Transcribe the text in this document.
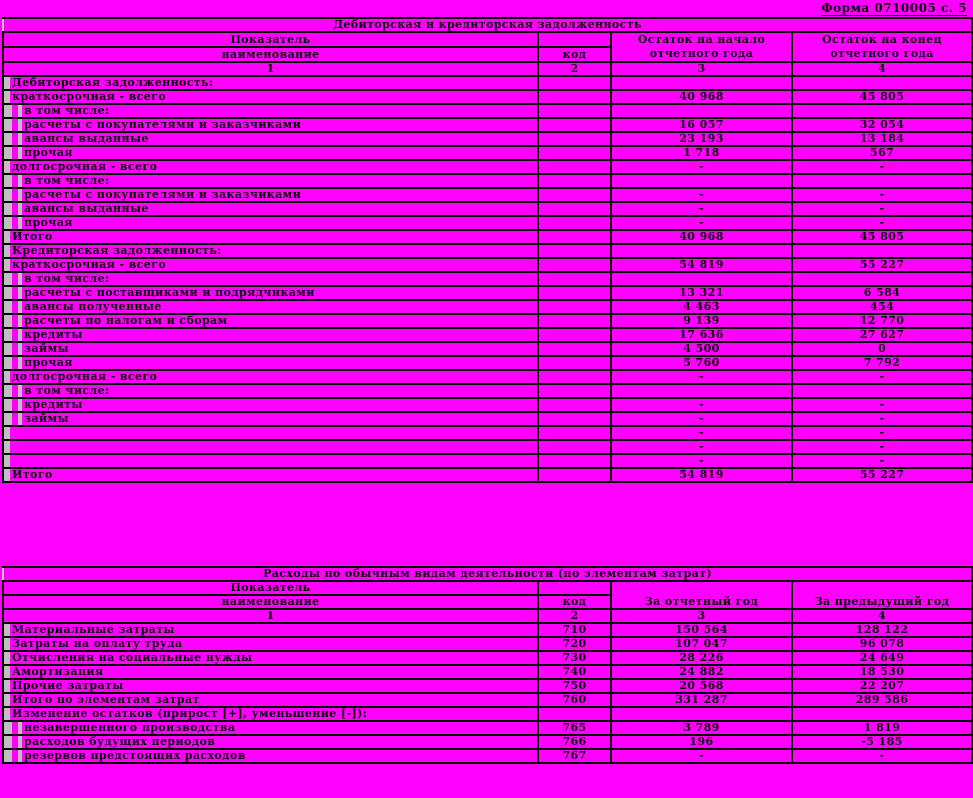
Форма 0710005 с. 5
Дебиторская и кредиторская задолженность			
Показатель		Остаток на начало отчетного года	Остаток на конец отчетного года
наименование	код		
1	2	3	4
Дебиторская задолженность:			
краткосрочная - всего		40 968	45 805
в том числе:			
расчеты с покупателями и заказчиками		16 057	32 054
авансы выданные		23 193	13 184
прочая		1 718	567
долгосрочная - всего		-	-
в том числе:			
расчеты с покупателями и заказчиками		-	-
авансы выданные		-	-
прочая		-	-
Итого		40 968	45 805
Кредиторская задолженность:			
краткосрочная - всего		54 819	55 227
в том числе:			
расчеты с поставщиками и подрядчиками		13 321	6 584
авансы полученные		4 463	454
расчеты по налогам и сборам		9 139	12 770
кредиты		17 636	27 627
займы		4 500	0
прочая		5 760	7 792
долгосрочная - всего		-	-
в том числе:			
кредиты		-	-
займы		-	-
		-	-
		-	-
		-	-
Итого		54 819	55 227
Расходы по обычным видам деятельности (по элементам затрат)			
Показатель		За отчетный год	За предыдущий год
наименование	код		
1	2	3	4
Материальные затраты	710	150 564	128 122
Затраты на оплату труда	720	107 047	96 078
Отчисления на социальные нужды	730	28 226	24 649
Амортизация	740	24 882	18 530
Прочие затраты	750	20 568	22 207
Итого по элементам затрат	760	331 287	289 586
Изменение остатков (прирост [+], уменьшение [-]):			
незавершенного производства	765	3 789	1 819
расходов будущих периодов	766	196	-5 185
резервов предстоящих расходов	767	-	-
